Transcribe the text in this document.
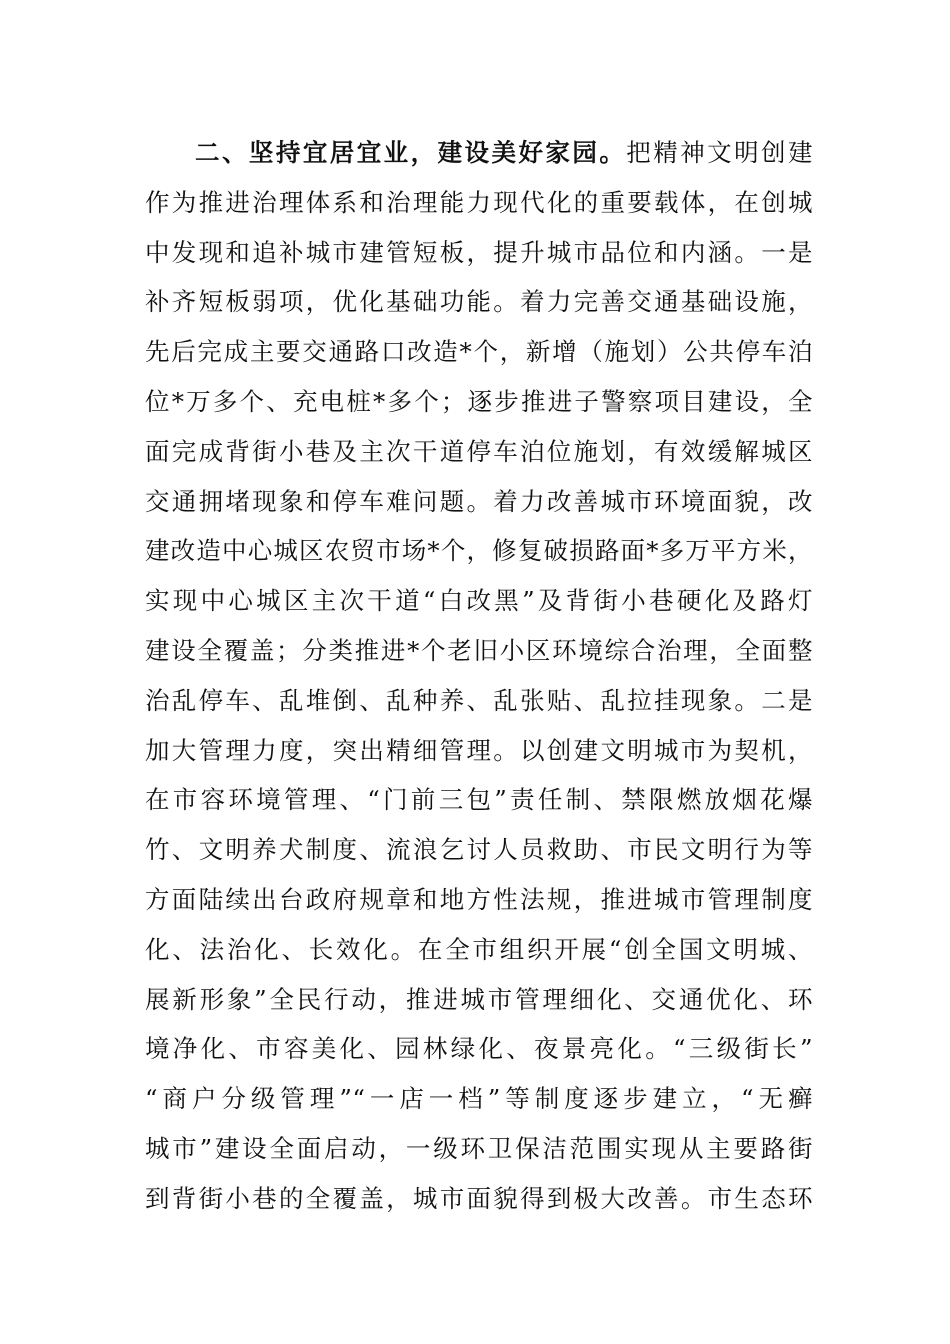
二、坚持宜居宜业，建设美好家园。把精神文明创建
作为推进治理体系和治理能力现代化的重要载体，在创城
中发现和追补城市建管短板，提升城市品位和内涵。一是
补齐短板弱项，优化基础功能。着力完善交通基础设施，
先后完成主要交通路口改造*个，新增（施划）公共停车泊
位*万多个、充电桩*多个；逐步推进子警察项目建设，全
面完成背街小巷及主次干道停车泊位施划，有效缓解城区
交通拥堵现象和停车难问题。着力改善城市环境面貌，改
建改造中心城区农贸市场*个，修复破损路面*多万平方米，
实现中心城区主次干道“白改黑”及背街小巷硬化及路灯
建设全覆盖；分类推进*个老旧小区环境综合治理，全面整
治乱停车、乱堆倒、乱种养、乱张贴、乱拉挂现象。二是
加大管理力度，突出精细管理。以创建文明城市为契机，
在市容环境管理、“门前三包”责任制、禁限燃放烟花爆
竹、文明养犬制度、流浪乞讨人员救助、市民文明行为等
方面陆续出台政府规章和地方性法规，推进城市管理制度
化、法治化、长效化。在全市组织开展“创全国文明城、
展新形象”全民行动，推进城市管理细化、交通优化、环
境净化、市容美化、园林绿化、夜景亮化。“三级街长”
“商户分级管理”“一店一档”等制度逐步建立，“无癣
城市”建设全面启动，一级环卫保洁范围实现从主要路街
到背街小巷的全覆盖，城市面貌得到极大改善。市生态环
